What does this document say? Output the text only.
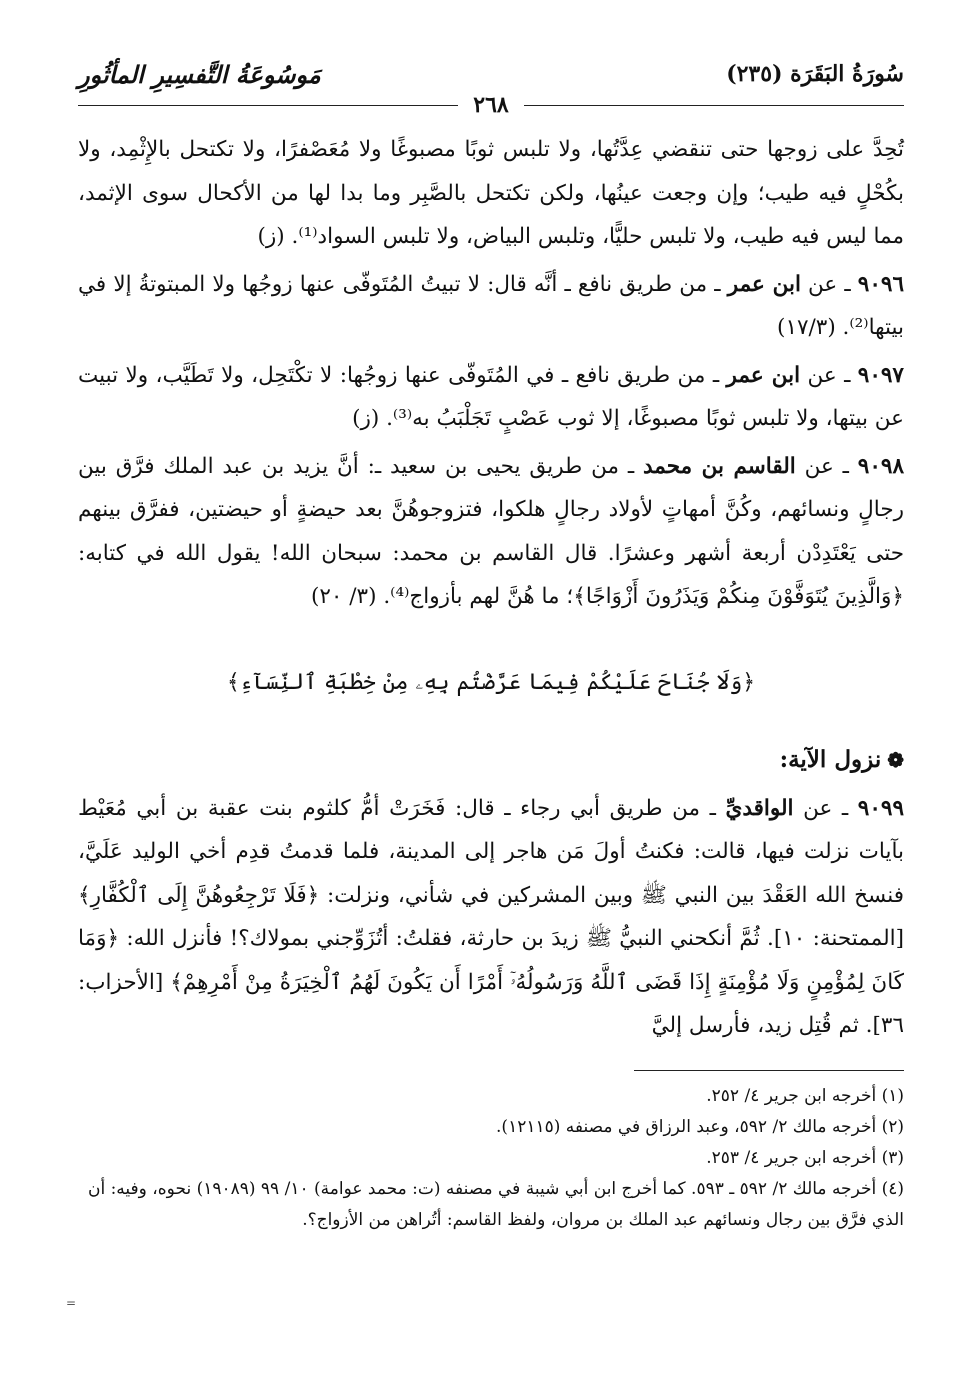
سُورَةُ البَقَرَة (٢٣٥)
مَوسُوعَةُ التَّفسِيرِ المأثُورِ
٢٦٨

تُحِدَّ على زوجها حتى تنقضي عِدَّتُها، ولا تلبس ثوبًا مصبوغًا ولا مُعَصْفرًا، ولا تكتحل بالإِثْمِد، ولا بكُحْلٍ فيه طيب؛ وإن وجعت عينُها، ولكن تكتحل بالصَّبِر وما بدا لها من الأكحال سوى الإثمد، مما ليس فيه طيب، ولا تلبس حليًّا، وتلبس البياض، ولا تلبس السواد⁽¹⁾. (ز)

٩٠٩٦ ـ عن ابن عمر ـ من طريق نافع ـ أنَّه قال: لا تبيتُ المُتَوفّى عنها زوجُها ولا المبتوتةُ إلا في بيتها⁽²⁾. (١٧/٣)

٩٠٩٧ ـ عن ابن عمر ـ من طريق نافع ـ في المُتَوفّى عنها زوجُها: لا تكْتَحِل، ولا تَطَيَّب، ولا تبيت عن بيتها، ولا تلبس ثوبًا مصبوغًا، إلا ثوب عَصْبٍ تَجَلْبَبُ به⁽³⁾. (ز)

٩٠٩٨ ـ عن القاسم بن محمد ـ من طريق يحيى بن سعيد ـ: أنَّ يزيد بن عبد الملك فرَّق بين رجالٍ ونسائهم، وكُنَّ أمهاتٍ لأولاد رجالٍ هلكوا، فتزوجوهُنَّ بعد حيضةٍ أو حيضتين، ففرَّق بينهم حتى يَعْتَدِدْن أربعة أشهر وعشرًا. قال القاسم بن محمد: سبحان الله! يقول الله في كتابه: ﴿وَالَّذِينَ يُتَوَفَّوْنَ مِنكُمْ وَيَذَرُونَ أَزْوَاجًا﴾؛ ما هُنَّ لهم بأزواج⁽⁴⁾. (٣/ ٢٠)

﴿وَلَا جُنَاحَ عَلَيْكُمْ فِيمَا عَرَّضْتُم بِهِۦ مِنْ خِطْبَةِ ٱلنِّسَآءِ﴾
❁نزول الآية:

٩٠٩٩ ـ عن الواقديِّ ـ من طريق أبي رجاء ـ قال: فَخَرَتْ أمُّ كلثوم بنت عقبة بن أبي مُعَيْط بآيات نزلت فيها، قالت: فكنتُ أولَ مَن هاجر إلى المدينة، فلما قدمتُ قدِم أخي الوليد عَلَيَّ، فنسخ الله العَقْدَ بين النبي ﷺ وبين المشركين في شأني، ونزلت: ﴿فَلَا تَرْجِعُوهُنَّ إِلَى ٱلْكُفَّارِ﴾ [الممتحنة: ١٠]. ثُمَّ أنكحني النبيُّ ﷺ زيدَ بن حارثة، فقلتُ: أتُزَوِّجني بمولاك؟! فأنزل الله: ﴿وَمَا كَانَ لِمُؤْمِنٍ وَلَا مُؤْمِنَةٍ إِذَا قَضَى ٱللَّهُ وَرَسُولُهُۥٓ أَمْرًا أَن يَكُونَ لَهُمُ ٱلْخِيَرَةُ مِنْ أَمْرِهِمْ﴾ [الأحزاب: ٣٦]. ثم قُتِل زيد، فأرسل إليَّ

(١) أخرجه ابن جرير ٤/ ٢٥٢.

(٢) أخرجه مالك ٢/ ٥٩٢، وعبد الرزاق في مصنفه (١٢١١٥).

(٣) أخرجه ابن جرير ٤/ ٢٥٣.

(٤) أخرجه مالك ٢/ ٥٩٢ ـ ٥٩٣. كما أخرج ابن أبي شيبة في مصنفه (ت: محمد عوامة) ١٠/ ٩٩ (١٩٠٨٩) نحوه، وفيه: أن الذي فرَّق بين رجال ونسائهم عبد الملك بن مروان، ولفظ القاسم: أتُراهن من الأزواج؟.

=
